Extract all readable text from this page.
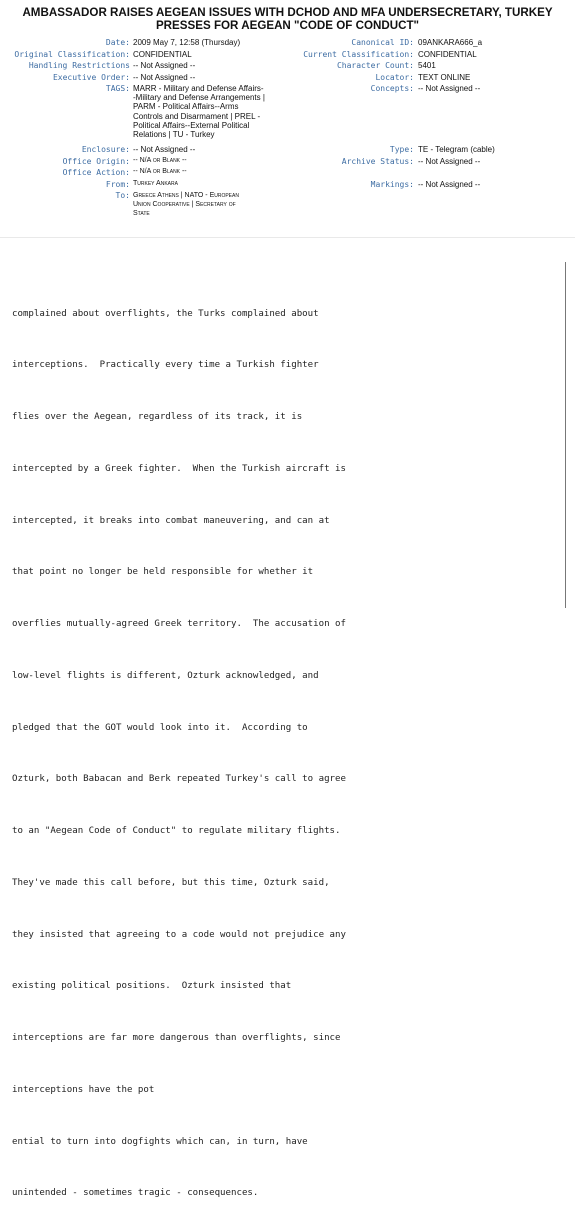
AMBASSADOR RAISES AEGEAN ISSUES WITH DCHOD AND MFA UNDERSECRETARY, TURKEY PRESSES FOR AEGEAN "CODE OF CONDUCT"
Date: 2009 May 7, 12:58 (Thursday)
Original Classification: CONFIDENTIAL
Handling Restrictions -- Not Assigned --
Executive Order: -- Not Assigned --
TAGS: MARR - Military and Defense Affairs-
-Military and Defense Arrangements |
PARM - Political Affairs--Arms
Controls and Disarmament | PREL -
Political Affairs--External Political
Relations | TU - Turkey
Enclosure: -- Not Assigned --
Office Origin: -- N/A or Blank --
Office Action: -- N/A or Blank --
From: Turkey Ankara
To: Greece Athens | NATO - European
Union Cooperative | Secretary of
State
Canonical ID: 09ANKARA666_a
Current Classification: CONFIDENTIAL
Character Count: 5401
Locator: TEXT ONLINE
Concepts: -- Not Assigned --
Type: TE - Telegram (cable)
Archive Status: -- Not Assigned --
Markings: -- Not Assigned --

complained about overflights, the Turks complained about

interceptions.  Practically every time a Turkish fighter

flies over the Aegean, regardless of its track, it is

intercepted by a Greek fighter.  When the Turkish aircraft is

intercepted, it breaks into combat maneuvering, and can at

that point no longer be held responsible for whether it

overflies mutually-agreed Greek territory.  The accusation of

low-level flights is different, Ozturk acknowledged, and

pledged that the GOT would look into it.  According to

Ozturk, both Babacan and Berk repeated Turkey's call to agree

to an "Aegean Code of Conduct" to regulate military flights.

They've made this call before, but this time, Ozturk said,

they insisted that agreeing to a code would not prejudice any

existing political positions.  Ozturk insisted that

interceptions are far more dangerous than overflights, since

interceptions have the pot

ential to turn into dogfights which can, in turn, have

unintended - sometimes tragic - consequences.
